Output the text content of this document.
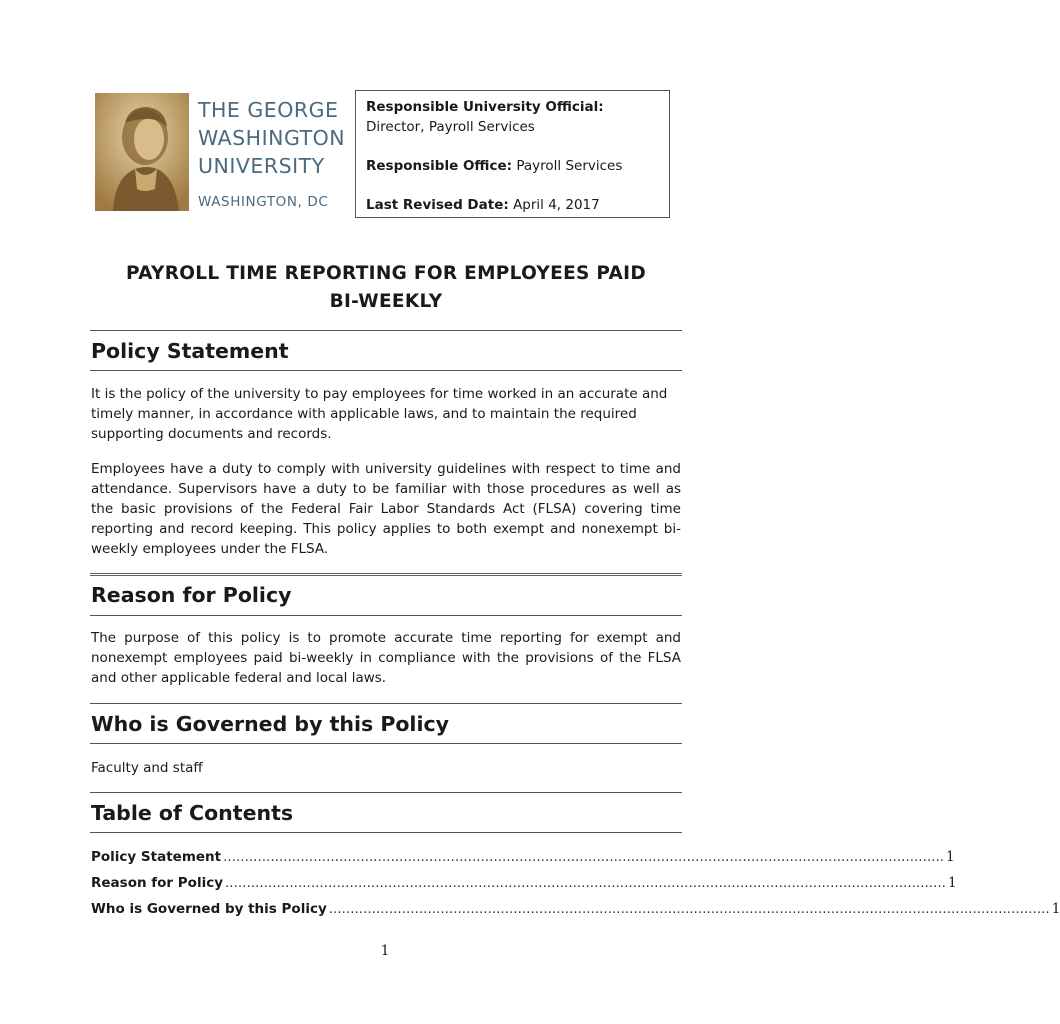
THE GEORGE
WASHINGTON
UNIVERSITY
WASHINGTON, DC

Responsible University Official:

Director, Payroll Services

Responsible Office: Payroll Services

Last Revised Date: April 4, 2017

PAYROLL TIME REPORTING FOR EMPLOYEES PAID
BI-WEEKLY
Policy Statement

It is the policy of the university to pay employees for time worked in an accurate and timely manner, in accordance with applicable laws, and to maintain the required supporting documents and records.

Employees have a duty to comply with university guidelines with respect to time and attendance. Supervisors have a duty to be familiar with those procedures as well as the basic provisions of the Federal Fair Labor Standards Act (FLSA) covering time reporting and record keeping. This policy applies to both exempt and nonexempt bi-weekly employees under the FLSA.

Reason for Policy

The purpose of this policy is to promote accurate time reporting for exempt and nonexempt employees paid bi-weekly in compliance with the provisions of the FLSA and other applicable federal and local laws.

Who is Governed by this Policy

Faculty and staff

Table of Contents
Policy Statement ........................................................................................................................................................................ 1
Reason for Policy ........................................................................................................................................................................ 1
Who is Governed by this Policy ........................................................................................................................................................................ 1
1
